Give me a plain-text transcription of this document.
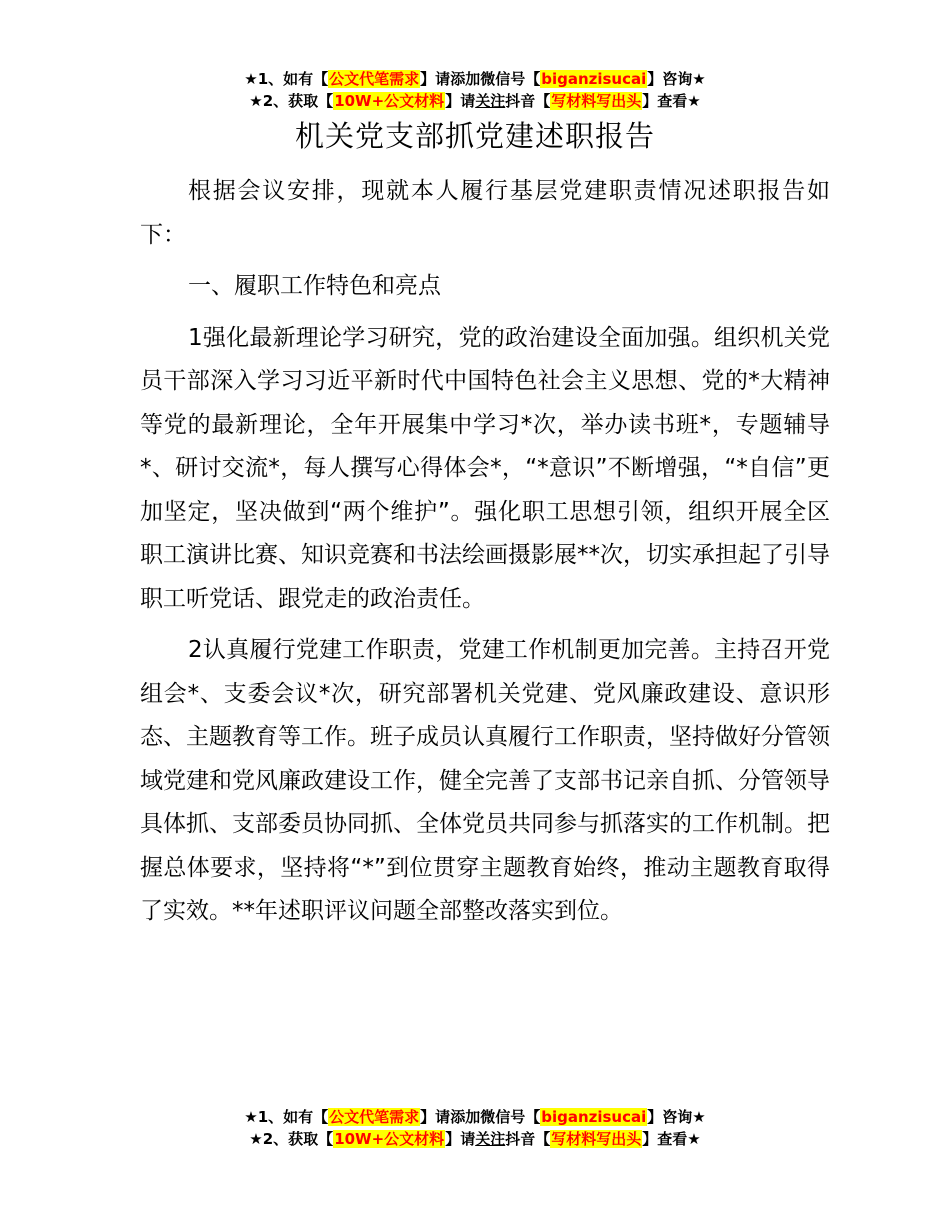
★1、如有【公文代笔需求】请添加微信号【biganzisucai】咨询★
★2、获取【10W+公文材料】请关注抖音【写材料写出头】查看★
机关党支部抓党建述职报告

根据会议安排，现就本人履行基层党建职责情况述职报告如下：

一、履职工作特色和亮点

1强化最新理论学习研究，党的政治建设全面加强。组织机关党员干部深入学习习近平新时代中国特色社会主义思想、党的*大精神等党的最新理论，全年开展集中学习*次，举办读书班*，专题辅导*、研讨交流*，每人撰写心得体会*，“*意识”不断增强，“*自信”更加坚定，坚决做到“两个维护”。强化职工思想引领，组织开展全区职工演讲比赛、知识竞赛和书法绘画摄影展**次，切实承担起了引导职工听党话、跟党走的政治责任。

2认真履行党建工作职责，党建工作机制更加完善。主持召开党组会*、支委会议*次，研究部署机关党建、党风廉政建设、意识形态、主题教育等工作。班子成员认真履行工作职责，坚持做好分管领域党建和党风廉政建设工作，健全完善了支部书记亲自抓、分管领导具体抓、支部委员协同抓、全体党员共同参与抓落实的工作机制。把握总体要求，坚持将“*”到位贯穿主题教育始终，推动主题教育取得了实效。**年述职评议问题全部整改落实到位。

★1、如有【公文代笔需求】请添加微信号【biganzisucai】咨询★
★2、获取【10W+公文材料】请关注抖音【写材料写出头】查看★
